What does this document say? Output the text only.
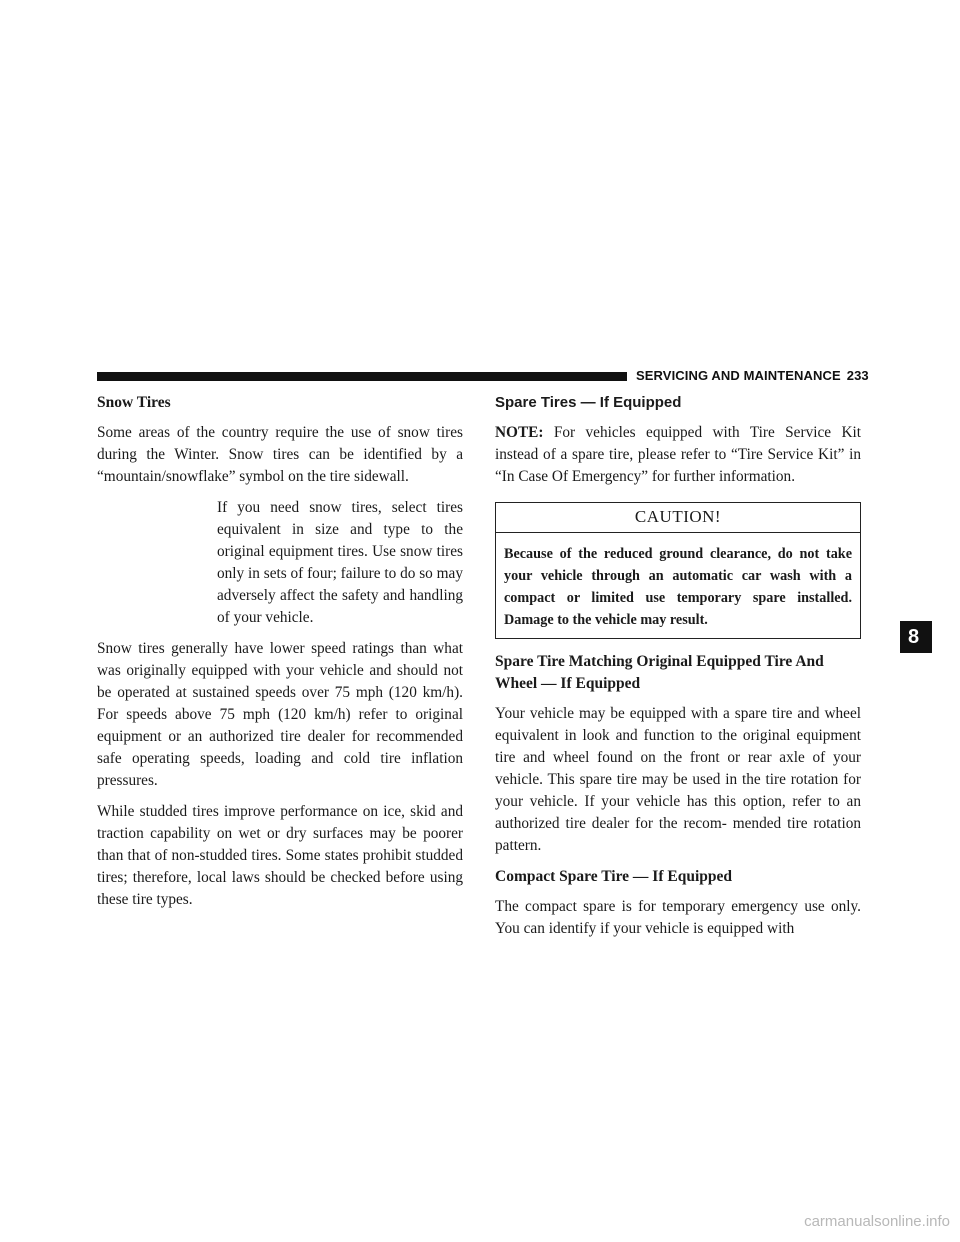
SERVICING AND MAINTENANCE 233
Snow Tires

Some areas of the country require the use of snow tires during the Winter. Snow tires can be identified by a “mountain/snowflake” symbol on the tire sidewall.

If you need snow tires, select tires equivalent in size and type to the original equipment tires. Use snow tires only in sets of four; failure to do so may adversely affect the safety and handling of your vehicle.

Snow tires generally have lower speed ratings than what was originally equipped with your vehicle and should not be operated at sustained speeds over 75 mph (120 km/h). For speeds above 75 mph (120 km/h) refer to original equipment or an authorized tire dealer for recommended safe operating speeds, loading and cold tire inflation pressures.

While studded tires improve performance on ice, skid and traction capability on wet or dry surfaces may be poorer than that of non-studded tires. Some states prohibit studded tires; therefore, local laws should be checked before using these tire types.

Spare Tires — If Equipped

NOTE: For vehicles equipped with Tire Service Kit instead of a spare tire, please refer to “Tire Service Kit” in “In Case Of Emergency” for further information.

CAUTION!
Because of the reduced ground clearance, do not take your vehicle through an automatic car wash with a compact or limited use temporary spare installed. Damage to the vehicle may result.
Spare Tire Matching Original Equipped Tire And Wheel — If Equipped

Your vehicle may be equipped with a spare tire and wheel equivalent in look and function to the original equipment tire and wheel found on the front or rear axle of your vehicle. This spare tire may be used in the tire rotation for your vehicle. If your vehicle has this option, refer to an authorized tire dealer for the recom- mended tire rotation pattern.

Compact Spare Tire — If Equipped

The compact spare is for temporary emergency use only. You can identify if your vehicle is equipped with

8
carmanualsonline.info
